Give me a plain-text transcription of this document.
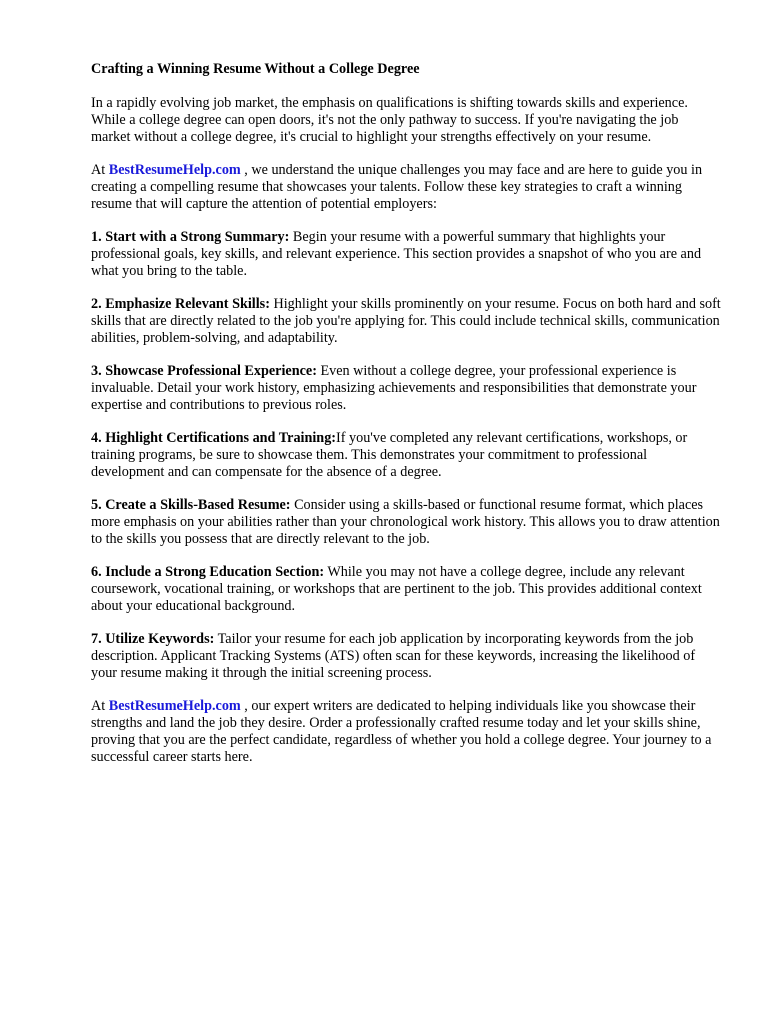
Crafting a Winning Resume Without a College Degree

In a rapidly evolving job market, the emphasis on qualifications is shifting towards skills and experience. While a college degree can open doors, it's not the only pathway to success. If you're navigating the job market without a college degree, it's crucial to highlight your strengths effectively on your resume.

At BestResumeHelp.com , we understand the unique challenges you may face and are here to guide you in creating a compelling resume that showcases your talents. Follow these key strategies to craft a winning resume that will capture the attention of potential employers:

1. Start with a Strong Summary: Begin your resume with a powerful summary that highlights your professional goals, key skills, and relevant experience. This section provides a snapshot of who you are and what you bring to the table.

2. Emphasize Relevant Skills: Highlight your skills prominently on your resume. Focus on both hard and soft skills that are directly related to the job you're applying for. This could include technical skills, communication abilities, problem-solving, and adaptability.

3. Showcase Professional Experience: Even without a college degree, your professional experience is invaluable. Detail your work history, emphasizing achievements and responsibilities that demonstrate your expertise and contributions to previous roles.

4. Highlight Certifications and Training:If you've completed any relevant certifications, workshops, or training programs, be sure to showcase them. This demonstrates your commitment to professional development and can compensate for the absence of a degree.

5. Create a Skills-Based Resume: Consider using a skills-based or functional resume format, which places more emphasis on your abilities rather than your chronological work history. This allows you to draw attention to the skills you possess that are directly relevant to the job.

6. Include a Strong Education Section: While you may not have a college degree, include any relevant coursework, vocational training, or workshops that are pertinent to the job. This provides additional context about your educational background.

7. Utilize Keywords: Tailor your resume for each job application by incorporating keywords from the job description. Applicant Tracking Systems (ATS) often scan for these keywords, increasing the likelihood of your resume making it through the initial screening process.

At BestResumeHelp.com , our expert writers are dedicated to helping individuals like you showcase their strengths and land the job they desire. Order a professionally crafted resume today and let your skills shine, proving that you are the perfect candidate, regardless of whether you hold a college degree. Your journey to a successful career starts here.
